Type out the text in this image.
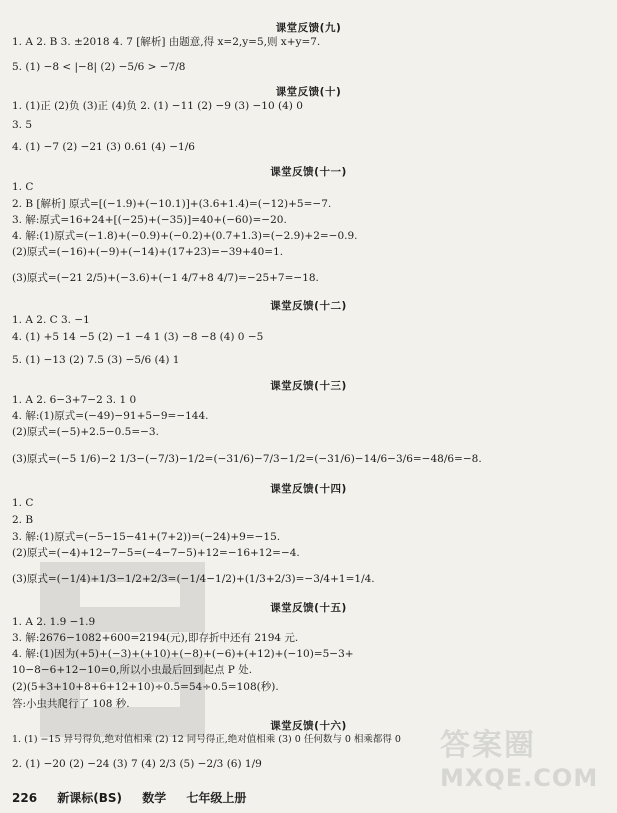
课堂反馈(九)
1. A 2. B 3. ±2018 4. 7 [解析] 由题意,得 x=2,y=5,则 x+y=7.
5. (1) −8 < |−8| (2) −5/6 > −7/8
课堂反馈(十)
1. (1)正 (2)负 (3)正 (4)负 2. (1) −11 (2) −9 (3) −10 (4) 0
3. 5
4. (1) −7 (2) −21 (3) 0.61 (4) −1/6
课堂反馈(十一)
1. C
2. B [解析] 原式=[(−1.9)+(−10.1)]+(3.6+1.4)=(−12)+5=−7.
3. 解:原式=16+24+[(−25)+(−35)]=40+(−60)=−20.
4. 解:(1)原式=(−1.8)+(−0.9)+(−0.2)+(0.7+1.3)=(−2.9)+2=−0.9.
(2)原式=(−16)+(−9)+(−14)+(17+23)=−39+40=1.
(3)原式=(−21 2/5)+(−3.6)+(−1 4/7+8 4/7)=−25+7=−18.
课堂反馈(十二)
1. A 2. C 3. −1
4. (1) +5 14 −5 (2) −1 −4 1 (3) −8 −8 (4) 0 −5
5. (1) −13 (2) 7.5 (3) −5/6 (4) 1
课堂反馈(十三)
1. A 2. 6−3+7−2 3. 1 0
4. 解:(1)原式=(−49)−91+5−9=−144.
(2)原式=(−5)+2.5−0.5=−3.
(3)原式=(−5 1/6)−2 1/3−(−7/3)−1/2=(−31/6)−7/3−1/2=(−31/6)−14/6−3/6=−48/6=−8.
课堂反馈(十四)
1. C
2. B
3. 解:(1)原式=(−5−15−41+(7+2))=(−24)+9=−15.
(2)原式=(−4)+12−7−5=(−4−7−5)+12=−16+12=−4.
(3)原式=(−1/4)+1/3−1/2+2/3=(−1/4−1/2)+(1/3+2/3)=−3/4+1=1/4.
课堂反馈(十五)
1. A 2. 1.9 −1.9
3. 解:2676−1082+600=2194(元),即存折中还有 2194 元.
4. 解:(1)因为(+5)+(−3)+(+10)+(−8)+(−6)+(+12)+(−10)=5−3+
10−8−6+12−10=0,所以小虫最后回到起点 P 处.
(2)(5+3+10+8+6+12+10)÷0.5=54÷0.5=108(秒).
答:小虫共爬行了 108 秒.
课堂反馈(十六)
1. (1) −15 异号得负,绝对值相乘 (2) 12 同号得正,绝对值相乘 (3) 0 任何数与 0 相乘都得 0
2. (1) −20 (2) −24 (3) 7 (4) 2/3 (5) −2/3 (6) 1/9
答案圈
MXQE.COM
226 新课标(BS) 数学 七年级上册
